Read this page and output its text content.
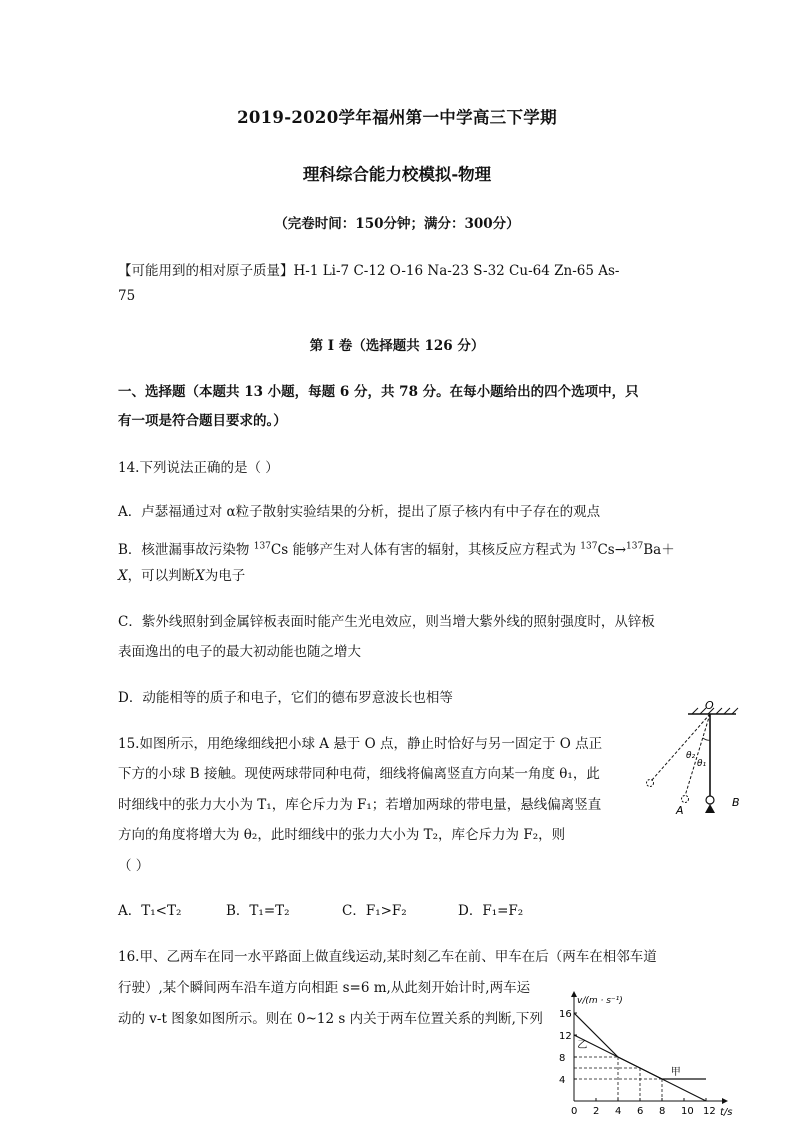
2019-2020学年福州第一中学高三下学期
理科综合能力校模拟-物理
（完卷时间：150分钟；满分：300分）
【可能用到的相对原子质量】H-1 Li-7 C-12 O-16 Na-23 S-32 Cu-64 Zn-65 As-
75
第 I 卷（选择题共 126 分）
一、选择题（本题共 13 小题，每题 6 分，共 78 分。在每小题给出的四个选项中，只
有一项是符合题目要求的。）
14.下列说法正确的是（ ）
A．卢瑟福通过对 α粒子散射实验结果的分析，提出了原子核内有中子存在的观点
B．核泄漏事故污染物 $^{137}$Cs 能够产生对人体有害的辐射，其核反应方程式为 $^{137}$Cs→$^{137}$Ba＋
X，可以判断X为电子
C．紫外线照射到金属锌板表面时能产生光电效应，则当增大紫外线的照射强度时，从锌板
表面逸出的电子的最大初动能也随之增大
D．动能相等的质子和电子，它们的德布罗意波长也相等
15.如图所示，用绝缘细线把小球 A 悬于 O 点，静止时恰好与另一固定于 O 点正
下方的小球 B 接触。现使两球带同种电荷，细线将偏离竖直方向某一角度 θ₁，此
时细线中的张力大小为 T₁，库仑斥力为 F₁；若增加两球的带电量，悬线偏离竖直
方向的角度将增大为 θ₂，此时细线中的张力大小为 T₂，库仑斥力为 F₂，则
（ ）
A．T₁<T₂	B．T₁=T₂	C．F₁>F₂	D．F₁=F₂
O
θ₂
θ₁
A
B
16.甲、乙两车在同一水平路面上做直线运动,某时刻乙车在前、甲车在后（两车在相邻车道
行驶）,某个瞬间两车沿车道方向相距 s=6 m,从此刻开始计时,两车运
动的 v-t 图象如图所示。则在 0~12 s 内关于两车位置关系的判断,下列
0 2 4 6 8 10 12
4
8
12
16
甲
乙
v/(m · s⁻¹)
t/s
